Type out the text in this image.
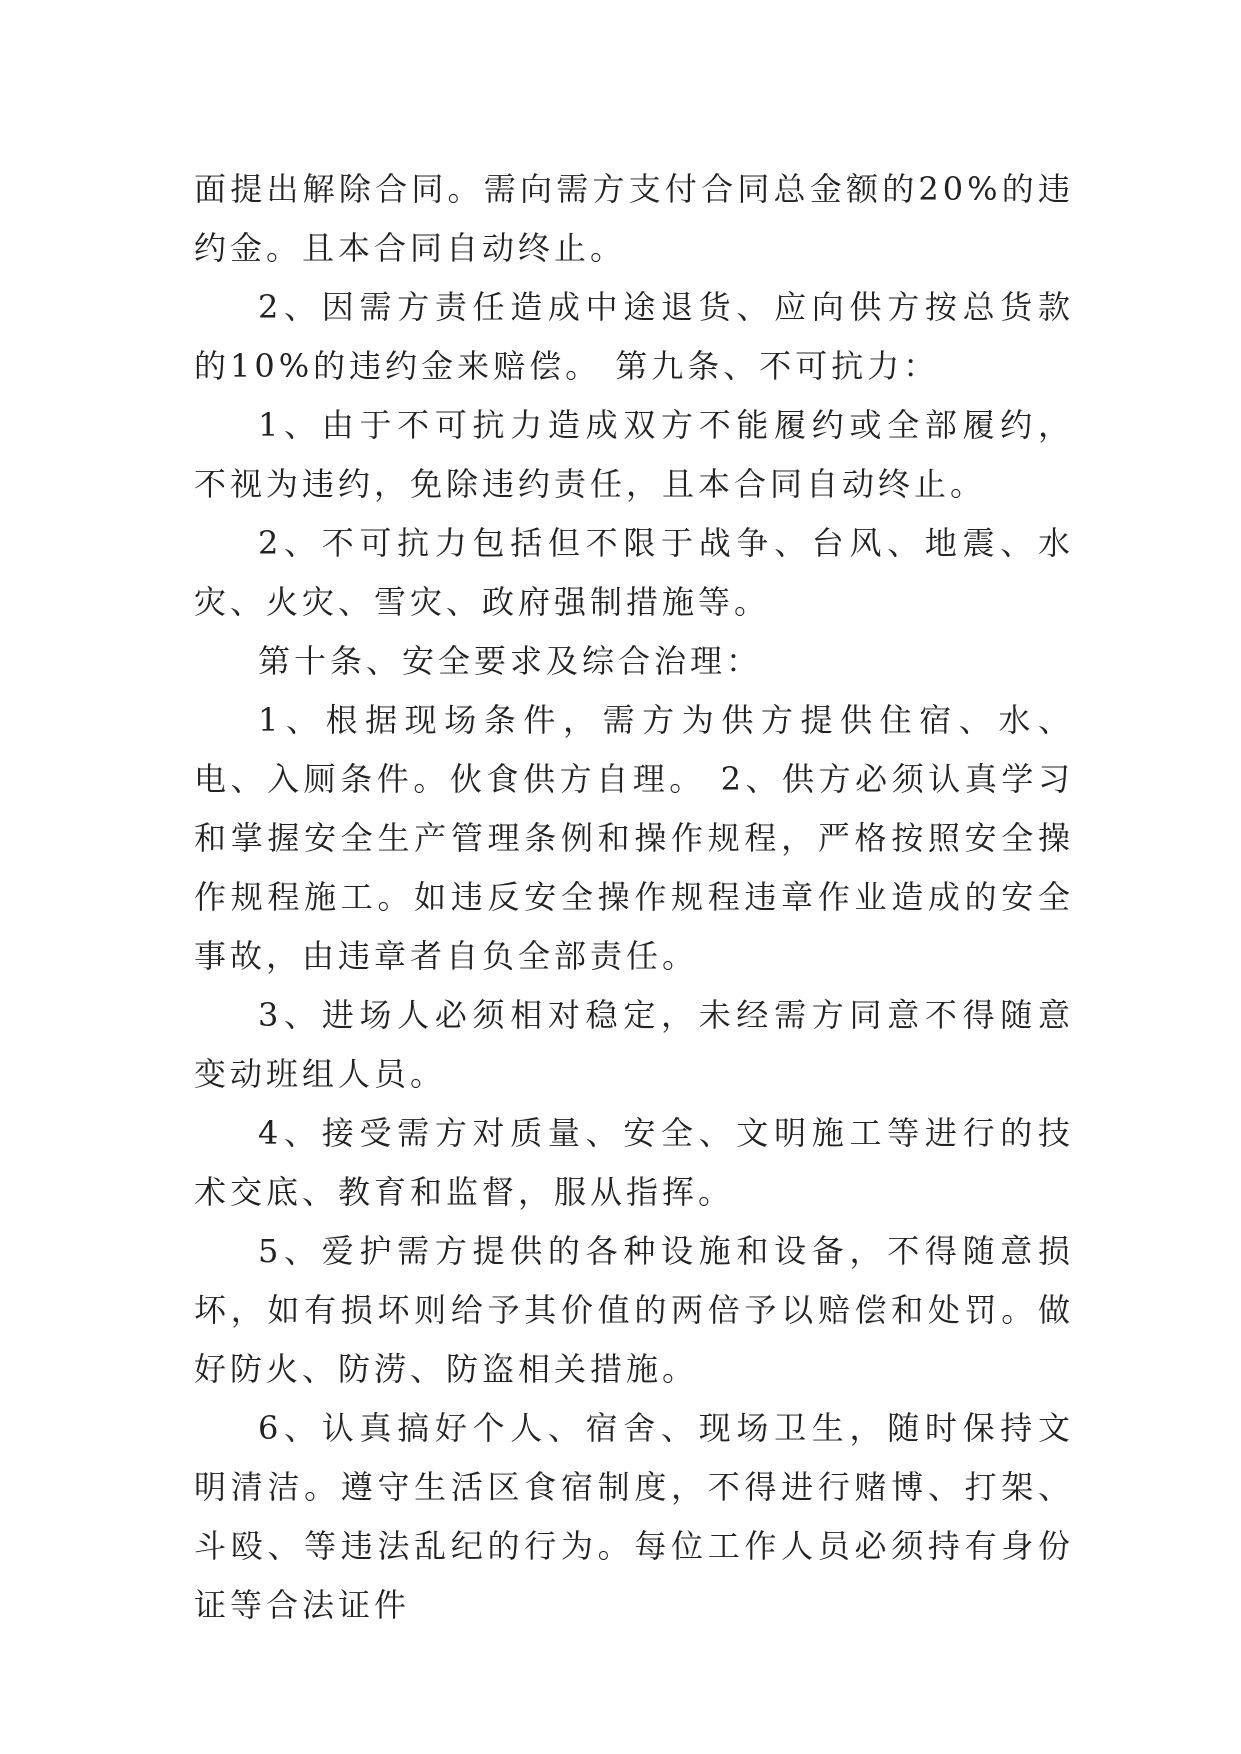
面提出解除合同。需向需方支付合同总金额的20%的违约金。且本合同自动终止。

2、因需方责任造成中途退货、应向供方按总货款的10%的违约金来赔偿。 第九条、不可抗力：

1、由于不可抗力造成双方不能履约或全部履约，不视为违约，免除违约责任，且本合同自动终止。

2、不可抗力包括但不限于战争、台风、地震、水灾、火灾、雪灾、政府强制措施等。

第十条、安全要求及综合治理：

1、根据现场条件，需方为供方提供住宿、水、电、入厕条件。伙食供方自理。 2、供方必须认真学习和掌握安全生产管理条例和操作规程，严格按照安全操作规程施工。如违反安全操作规程违章作业造成的安全事故，由违章者自负全部责任。

3、进场人必须相对稳定，未经需方同意不得随意变动班组人员。

4、接受需方对质量、安全、文明施工等进行的技术交底、教育和监督，服从指挥。

5、爱护需方提供的各种设施和设备，不得随意损坏，如有损坏则给予其价值的两倍予以赔偿和处罚。做好防火、防涝、防盗相关措施。

6、认真搞好个人、宿舍、现场卫生，随时保持文明清洁。遵守生活区食宿制度，不得进行赌博、打架、斗殴、等违法乱纪的行为。每位工作人员必须持有身份证等合法证件
